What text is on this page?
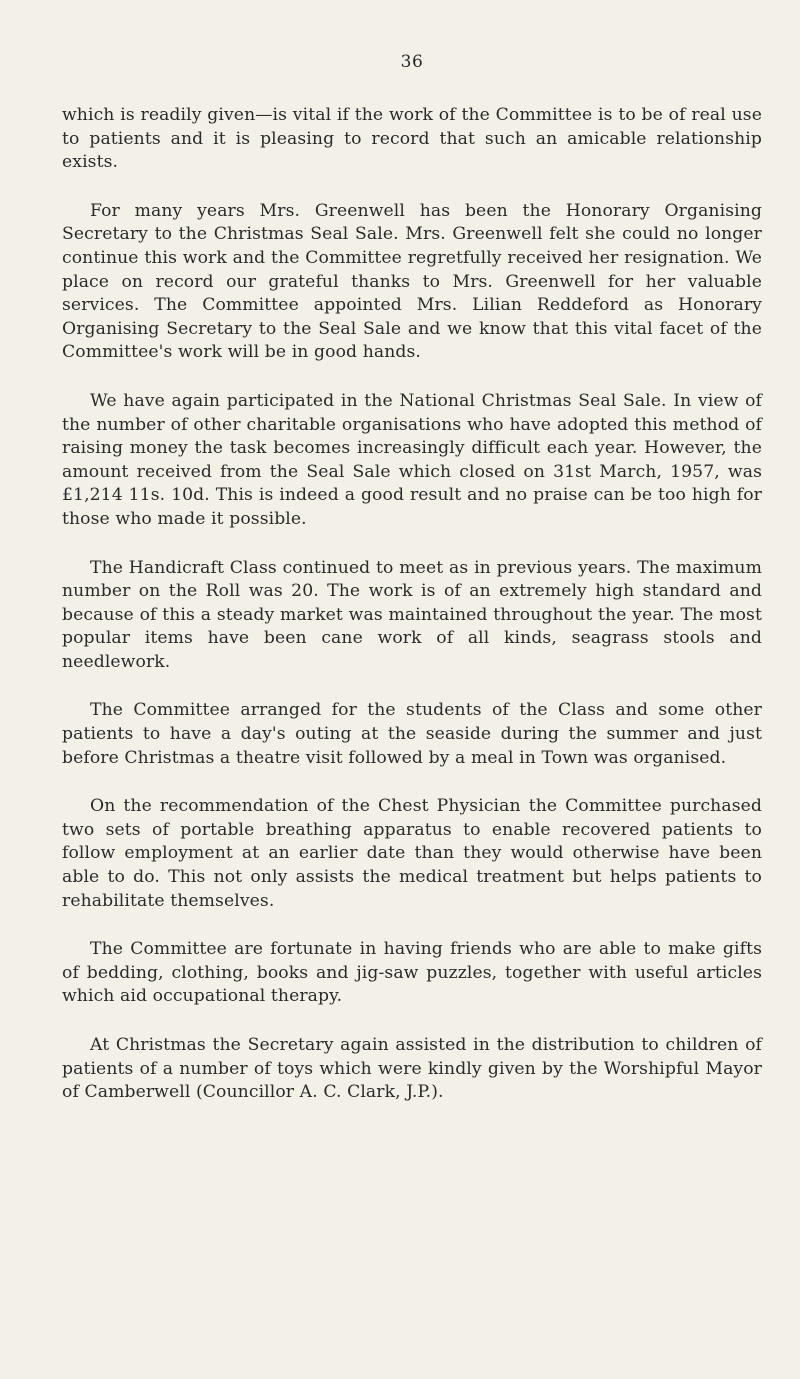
36

which is readily given—is vital if the work of the Committee is to be of real use to patients and it is pleasing to record that such an amicable relationship exists.

For many years Mrs. Greenwell has been the Honorary Organising Secretary to the Christmas Seal Sale. Mrs. Greenwell felt she could no longer continue this work and the Committee regretfully received her resignation. We place on record our grateful thanks to Mrs. Greenwell for her valuable services. The Committee appointed Mrs. Lilian Reddeford as Honorary Organising Secretary to the Seal Sale and we know that this vital facet of the Committee's work will be in good hands.

We have again participated in the National Christmas Seal Sale. In view of the number of other charitable organisations who have adopted this method of raising money the task becomes increasingly difficult each year. However, the amount received from the Seal Sale which closed on 31st March, 1957, was £1,214 11s. 10d. This is indeed a good result and no praise can be too high for those who made it possible.

The Handicraft Class continued to meet as in previous years. The maximum number on the Roll was 20. The work is of an extremely high standard and because of this a steady market was maintained throughout the year. The most popular items have been cane work of all kinds, seagrass stools and needlework.

The Committee arranged for the students of the Class and some other patients to have a day's outing at the seaside during the summer and just before Christmas a theatre visit followed by a meal in Town was organised.

On the recommendation of the Chest Physician the Committee purchased two sets of portable breathing apparatus to enable recovered patients to follow employment at an earlier date than they would otherwise have been able to do. This not only assists the medical treatment but helps patients to rehabilitate themselves.

The Committee are fortunate in having friends who are able to make gifts of bedding, clothing, books and jig-saw puzzles, together with useful articles which aid occupational therapy.

At Christmas the Secretary again assisted in the distribution to children of patients of a number of toys which were kindly given by the Worshipful Mayor of Camberwell (Councillor A. C. Clark, J.P.).
